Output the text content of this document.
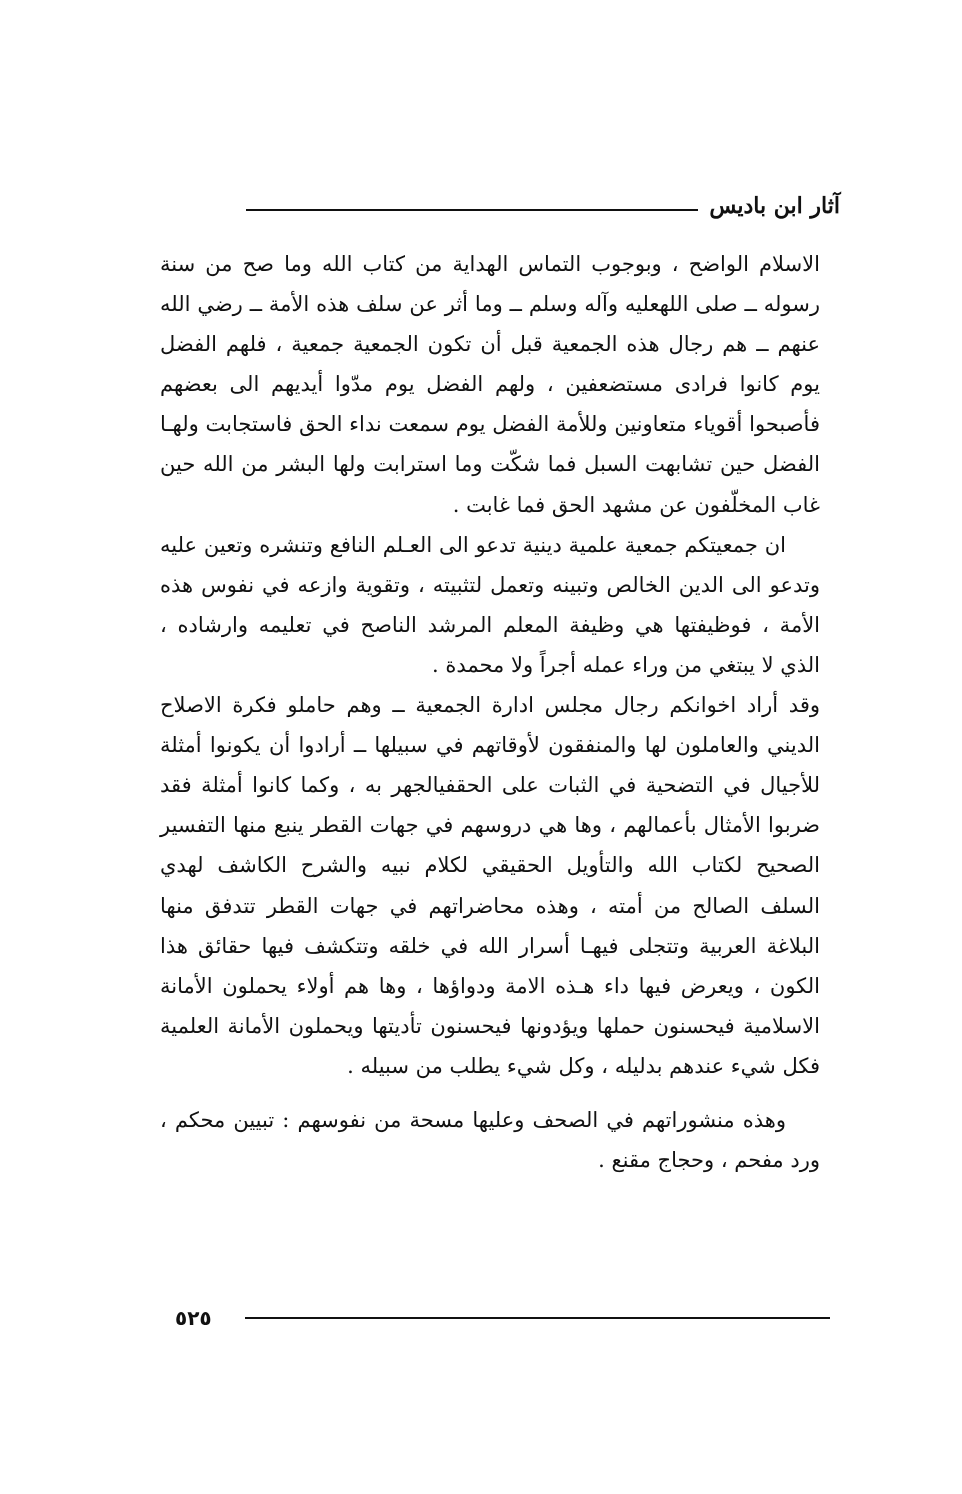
آثار ابن باديس

الاسلام الواضح ، وبوجوب التماس الهداية من كتاب الله وما صح من سنة رسوله ــ صلى اللهعليه وآله وسلم ــ وما أثر عن سلف هذه الأمة ــ رضي الله عنهم ــ هم رجال هذه الجمعية قبل أن تكون الجمعية جمعية ، فلهم الفضل يوم كانوا فرادى مستضعفين ، ولهم الفضل يوم مدّوا أيديهم الى بعضهم فأصبحوا أقوياء متعاونين وللأمة الفضل يوم سمعت نداء الحق فاستجابت ولهـا الفضل حين تشابهت السبل فما شكّت وما استرابت ولها البشر من الله حين غاب المخلّفون عن مشهد الحق فما غابت .

ان جمعيتكم جمعية علمية دينية تدعو الى العـلم النافع وتنشره وتعين عليه وتدعو الى الدين الخالص وتبينه وتعمل لتثبيته ، وتقوية وازعه في نفوس هذه الأمة ، فوظيفتها هي وظيفة المعلم المرشد الناصح في تعليمه وارشاده ، الذي لا يبتغي من وراء عمله أجراً ولا محمدة .

وقد أراد اخوانكم رجال مجلس ادارة الجمعية ــ وهم حاملو فكرة الاصلاح الديني والعاملون لها والمنفقون لأوقاتهم في سبيلها ــ أرادوا أن يكونوا أمثلة للأجيال في التضحية في الثبات على الحقفيالجهر به ، وكما كانوا أمثلة فقد ضربوا الأمثال بأعمالهم ، وها هي دروسهم في جهات القطر ينبع منها التفسير الصحيح لكتاب الله والتأويل الحقيقي لكلام نبيه والشرح الكاشف لهدي السلف الصالح من أمته ، وهذه محاضراتهم في جهات القطر تتدفق منها البلاغة العربية وتتجلى فيهـا أسرار الله في خلقه وتتكشف فيها حقائق هذا الكون ، ويعرض فيها داء هـذه الامة ودواؤها ، وها هم أولاء يحملون الأمانة الاسلامية فيحسنون حملها ويؤدونها فيحسنون تأديتها ويحملون الأمانة العلمية فكل شيء عندهم بدليله ، وكل شيء يطلب من سبيله .

وهذه منشوراتهم في الصحف وعليها مسحة من نفوسهم : تبيين محكم ، ورد مفحم ، وحجاج مقنع .

٥٢٥
